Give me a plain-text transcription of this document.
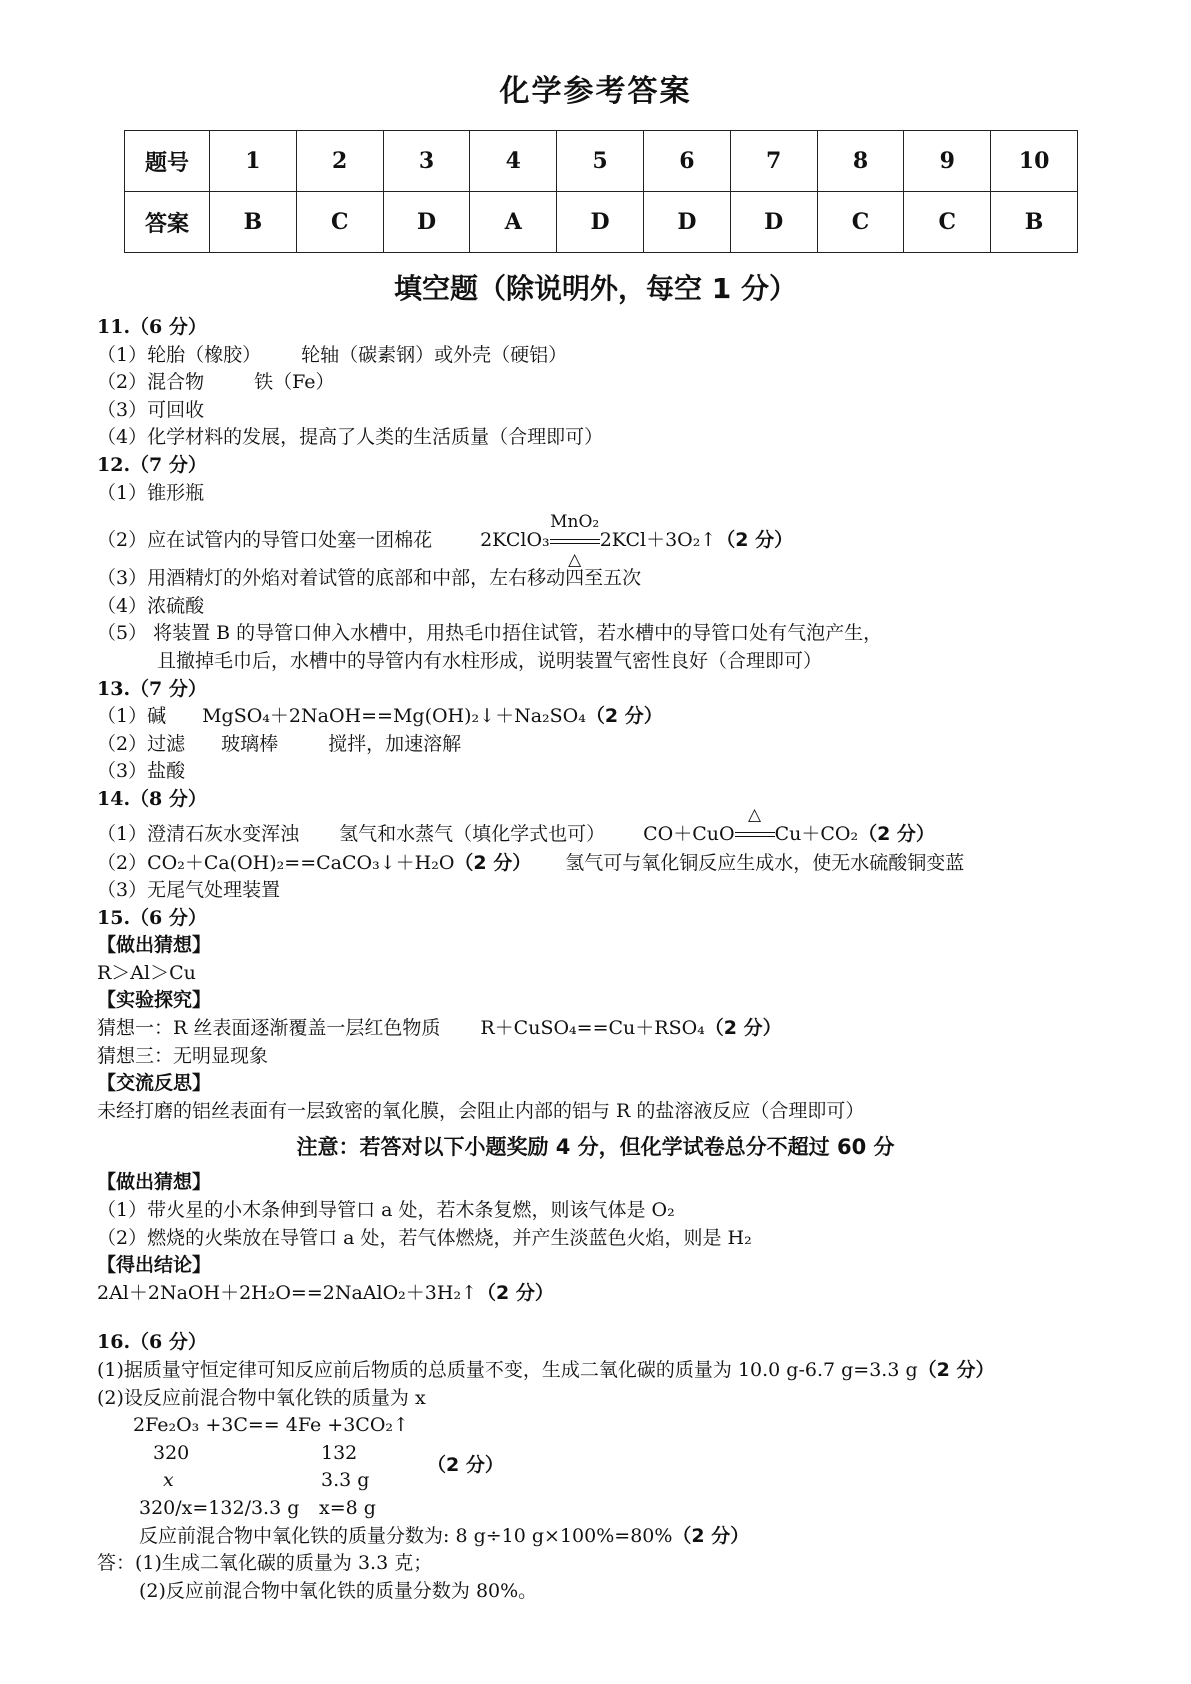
化学参考答案
题号	1	2	3	4	5	6	7	8	9	10
答案	B	C	D	A	D	D	D	C	C	B
填空题（除说明外，每空 1 分）
11.（6 分）
（1）轮胎（橡胶） 轮轴（碳素钢）或外壳（硬铝）
（2）混合物	铁（Fe）
（3）可回收
（4）化学材料的发展，提高了人类的生活质量（合理即可）
12.（7 分）
（1）锥形瓶
（2）应在试管内的导管口处塞一团棉花	2KClO₃
MnO₂
△
2KCl＋3O₂↑（2 分）
（3）用酒精灯的外焰对着试管的底部和中部，左右移动四至五次
（4）浓硫酸
（5） 将装置 B 的导管口伸入水槽中，用热毛巾捂住试管，若水槽中的导管口处有气泡产生，
且撤掉毛巾后，水槽中的导管内有水柱形成，说明装置气密性良好（合理即可）
13.（7 分）
（1）碱 MgSO₄＋2NaOH==Mg(OH)₂↓＋Na₂SO₄（2 分）
（2）过滤 玻璃棒	搅拌，加速溶解
（3）盐酸
14.（8 分）
（1）澄清石灰水变浑浊 氢气和水蒸气（填化学式也可） CO＋CuO
△
Cu＋CO₂（2 分）
（2）CO₂＋Ca(OH)₂==CaCO₃↓＋H₂O（2 分） 氢气可与氧化铜反应生成水，使无水硫酸铜变蓝
（3）无尾气处理装置
15.（6 分）
【做出猜想】
R＞Al＞Cu
【实验探究】
猜想一：R 丝表面逐渐覆盖一层红色物质 R＋CuSO₄==Cu＋RSO₄（2 分）
猜想三：无明显现象
【交流反思】
未经打磨的铝丝表面有一层致密的氧化膜，会阻止内部的铝与 R 的盐溶液反应（合理即可）
注意：若答对以下小题奖励 4 分，但化学试卷总分不超过 60 分
【做出猜想】
（1）带火星的小木条伸到导管口 a 处，若木条复燃，则该气体是 O₂
（2）燃烧的火柴放在导管口 a 处，若气体燃烧，并产生淡蓝色火焰，则是 H₂
【得出结论】
2Al＋2NaOH＋2H₂O==2NaAlO₂＋3H₂↑（2 分）
16.（6 分）
(1)据质量守恒定律可知反应前后物质的总质量不变，生成二氧化碳的质量为 10.0 g-6.7 g=3.3 g（2 分）
(2)设反应前混合物中氧化铁的质量为 x
2Fe₂O₃ +3C== 4Fe +3CO₂↑
320	132
（2 分）
x	3.3 g
320/x=132/3.3 g x=8 g
反应前混合物中氧化铁的质量分数为: 8 g÷10 g×100%=80%（2 分）
答：(1)生成二氧化碳的质量为 3.3 克；
(2)反应前混合物中氧化铁的质量分数为 80%。
